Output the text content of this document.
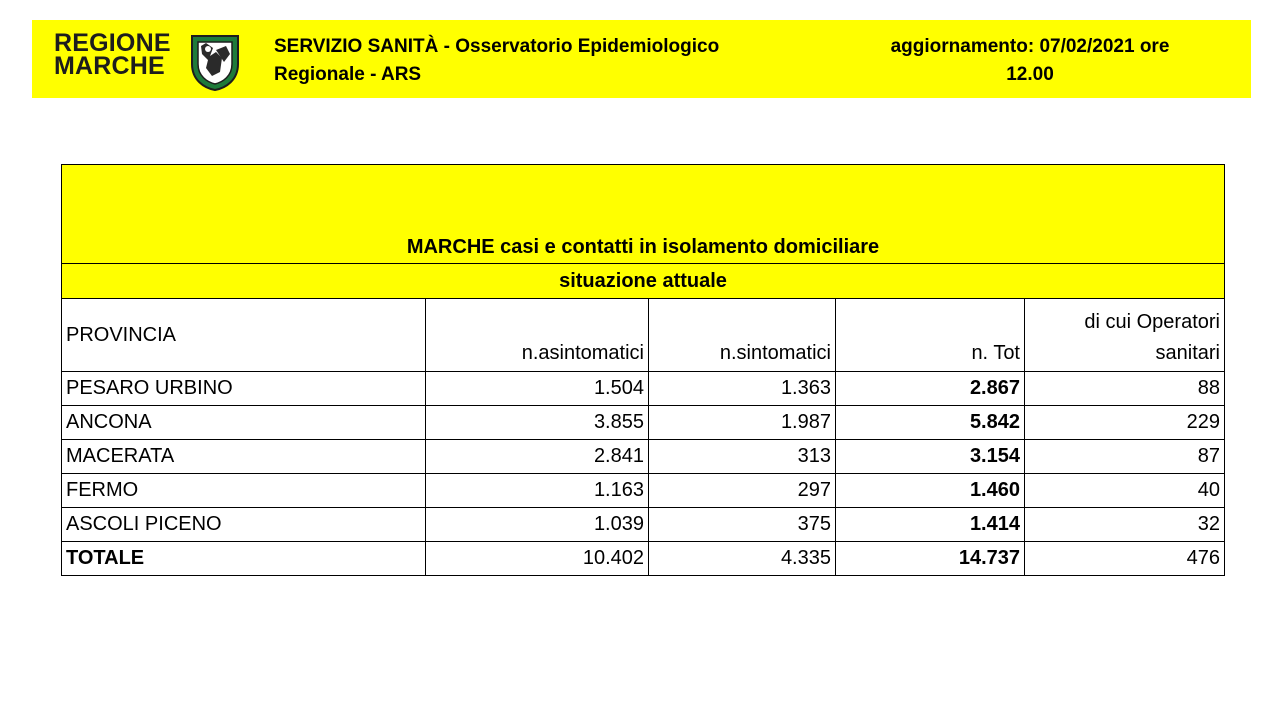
REGIONE
MARCHE
SERVIZIO SANITÀ - Osservatorio Epidemiologico
Regionale - ARS
aggiornamento: 07/02/2021 ore
12.00
MARCHE casi e contatti in isolamento domiciliare				
situazione attuale				
PROVINCIA	n.asintomatici	n.sintomatici	n. Tot	di cui Operatori
sanitari
PESARO URBINO	1.504	1.363	2.867	88
ANCONA	3.855	1.987	5.842	229
MACERATA	2.841	313	3.154	87
FERMO	1.163	297	1.460	40
ASCOLI PICENO	1.039	375	1.414	32
TOTALE	10.402	4.335	14.737	476
